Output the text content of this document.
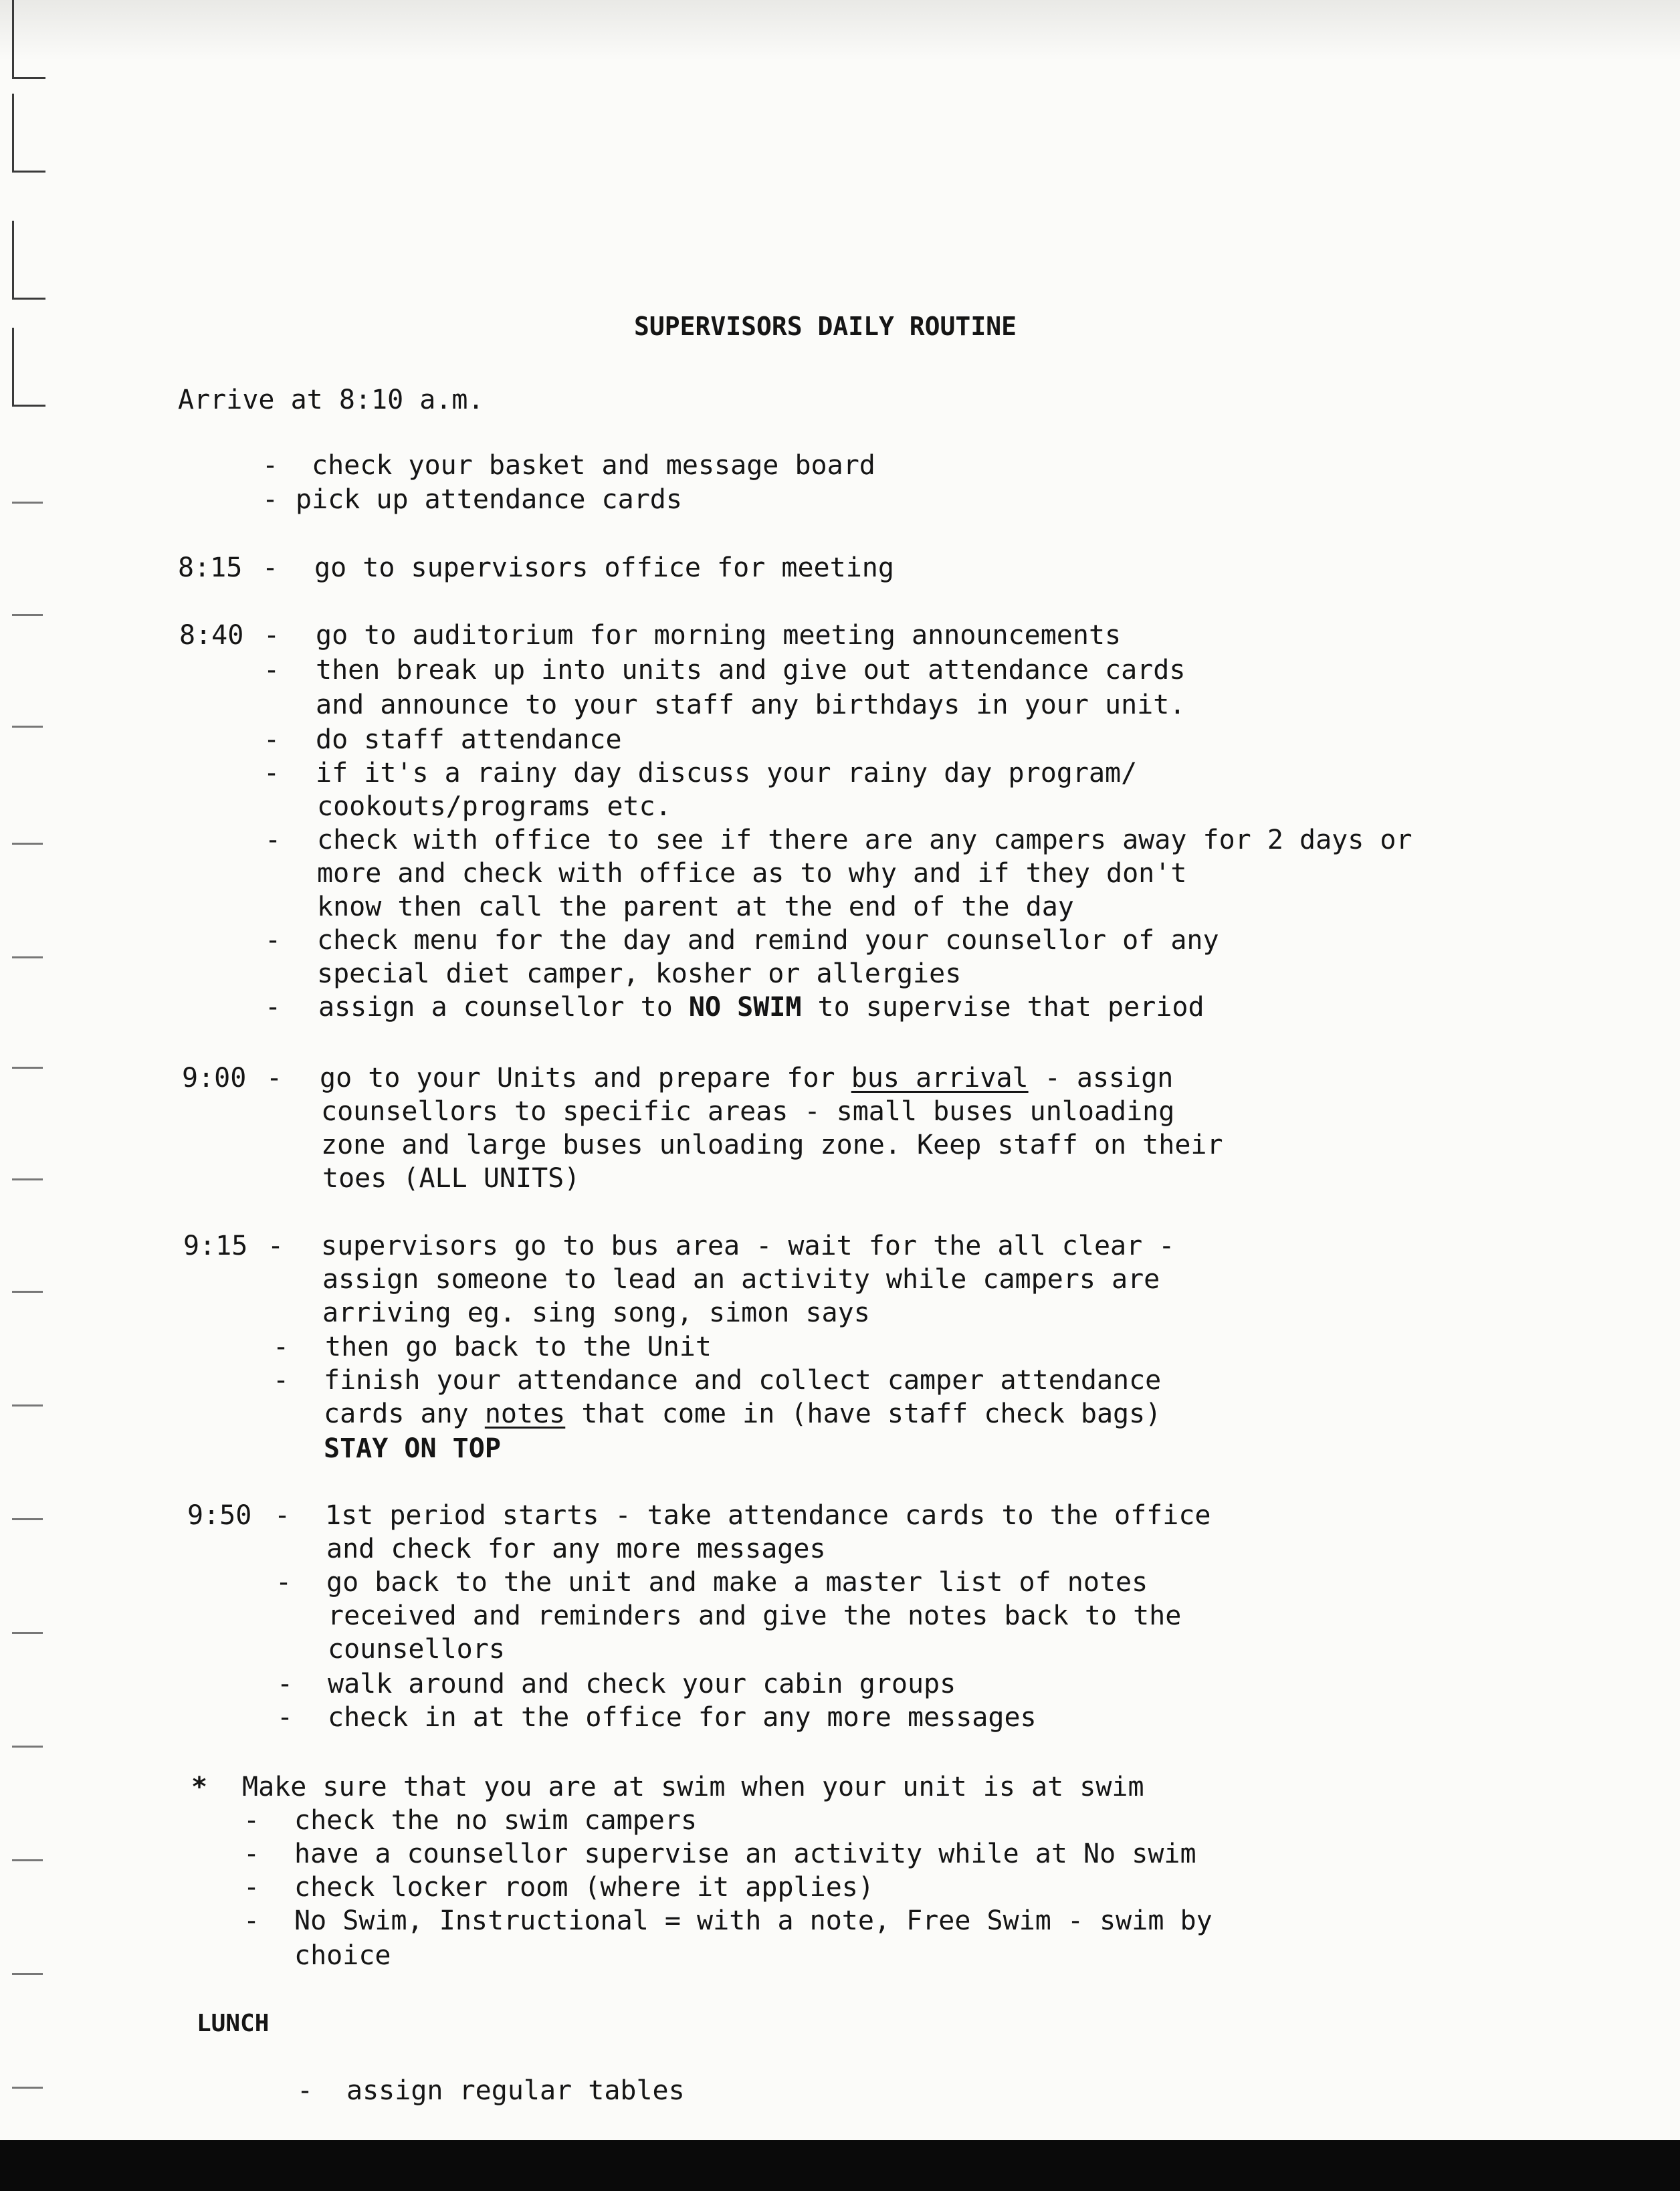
SUPERVISORS DAILY ROUTINE
Arrive at 8:10 a.m.
- check your basket and message board
- pick up attendance cards
8:15 - go to supervisors office for meeting
8:40 - go to auditorium for morning meeting announcements
- then break up into units and give out attendance cards
and announce to your staff any birthdays in your unit.
- do staff attendance
- if it's a rainy day discuss your rainy day program/
cookouts/programs etc.
- check with office to see if there are any campers away for 2 days or
more and check with office as to why and if they don't
know then call the parent at the end of the day
- check menu for the day and remind your counsellor of any
special diet camper, kosher or allergies
- assign a counsellor to NO SWIM to supervise that period
9:00 - go to your Units and prepare for bus arrival - assign
counsellors to specific areas - small buses unloading
zone and large buses unloading zone. Keep staff on their
toes (ALL UNITS)
9:15 - supervisors go to bus area - wait for the all clear -
assign someone to lead an activity while campers are
arriving eg. sing song, simon says
- then go back to the Unit
- finish your attendance and collect camper attendance
cards any notes that come in (have staff check bags)
STAY ON TOP
9:50 - 1st period starts - take attendance cards to the office
and check for any more messages
- go back to the unit and make a master list of notes
received and reminders and give the notes back to the
counsellors
- walk around and check your cabin groups
- check in at the office for any more messages
* Make sure that you are at swim when your unit is at swim
- check the no swim campers
- have a counsellor supervise an activity while at No swim
- check locker room (where it applies)
- No Swim, Instructional = with a note, Free Swim - swim by
choice
LUNCH
- assign regular tables
